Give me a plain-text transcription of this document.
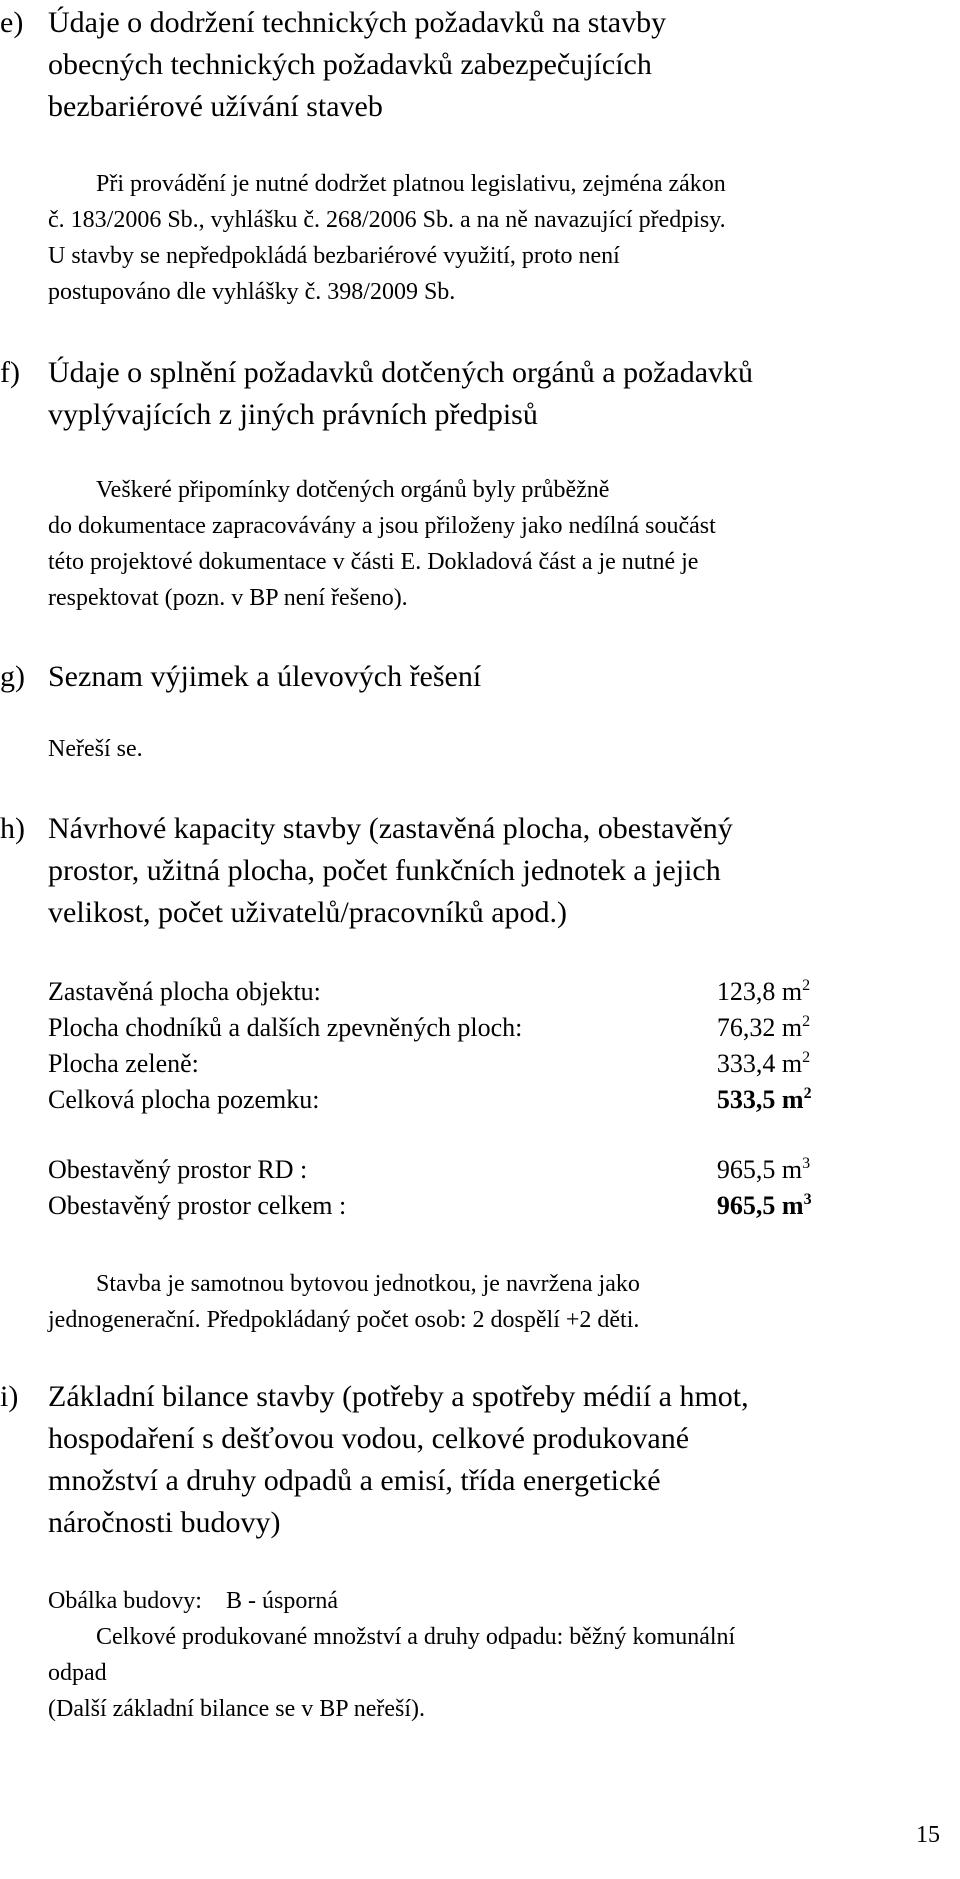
e) Údaje o dodržení technických požadavků na stavby
obecných technických požadavků zabezpečujících
bezbariérové užívání staveb
Při provádění je nutné dodržet platnou legislativu, zejména zákon
č. 183/2006 Sb., vyhlášku č. 268/2006 Sb. a na ně navazující předpisy.
U stavby se nepředpokládá bezbariérové využití, proto není
postupováno dle vyhlášky č. 398/2009 Sb.
f) Údaje o splnění požadavků dotčených orgánů a požadavků
vyplývajících z jiných právních předpisů
Veškeré připomínky dotčených orgánů byly průběžně
do dokumentace zapracovávány a jsou přiloženy jako nedílná součást
této projektové dokumentace v části E. Dokladová část a je nutné je
respektovat (pozn. v BP není řešeno).
g) Seznam výjimek a úlevových řešení
Neřeší se.
h) Návrhové kapacity stavby (zastavěná plocha, obestavěný
prostor, užitná plocha, počet funkčních jednotek a jejich
velikost, počet uživatelů/pracovníků apod.)
Zastavěná plocha objektu:	123,8 $m^2$
Plocha chodníků a dalších zpevněných ploch:	76,32 $m^2$
Plocha zeleně:	333,4 $m^2$
Celková plocha pozemku:	533,5 $m^2$
Obestavěný prostor RD :	965,5 $m^3$
Obestavěný prostor celkem :	965,5 $m^3$
Stavba je samotnou bytovou jednotkou, je navržena jako
jednogenerační. Předpokládaný počet osob: 2 dospělí +2 děti.
i) Základní bilance stavby (potřeby a spotřeby médií a hmot,
hospodaření s dešťovou vodou, celkové produkované
množství a druhy odpadů a emisí, třída energetické
náročnosti budovy)
Obálka budovy: B - úsporná
Celkové produkované množství a druhy odpadu: běžný komunální
odpad
(Další základní bilance se v BP neřeší).
15
